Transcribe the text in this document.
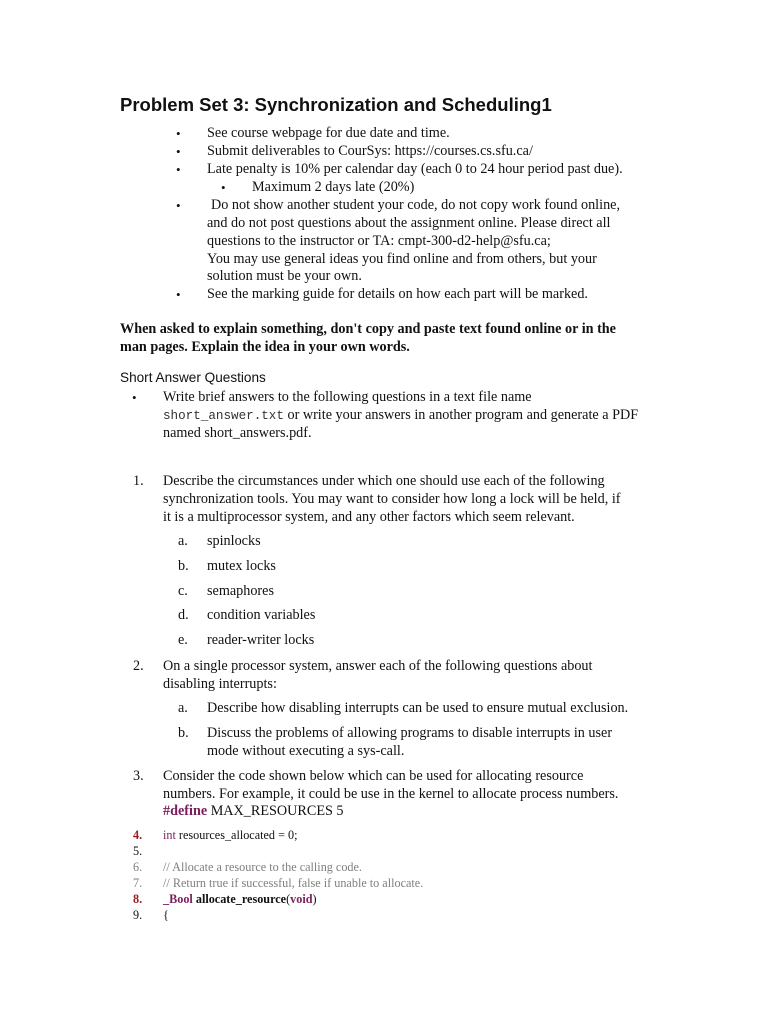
Problem Set 3: Synchronization and Scheduling1
• See course webpage for due date and time.
• Submit deliverables to CourSys: https://courses.cs.sfu.ca/
• Late penalty is 10% per calendar day (each 0 to 24 hour period past due).
• Maximum 2 days late (20%)
• Do not show another student your code, do not copy work found online,
and do not post questions about the assignment online. Please direct all
questions to the instructor or TA: cmpt-300-d2-help@sfu.ca;
You may use general ideas you find online and from others, but your
solution must be your own.
• See the marking guide for details on how each part will be marked.
When asked to explain something, don't copy and paste text found online or in the
man pages. Explain the idea in your own words.
Short Answer Questions
• Write brief answers to the following questions in a text file name
short_answer.txt or write your answers in another program and generate a PDF
named short_answers.pdf.
1. Describe the circumstances under which one should use each of the following
synchronization tools. You may want to consider how long a lock will be held, if
it is a multiprocessor system, and any other factors which seem relevant.
a. spinlocks
b. mutex locks
c. semaphores
d. condition variables
e. reader-writer locks
2. On a single processor system, answer each of the following questions about
disabling interrupts:
a. Describe how disabling interrupts can be used to ensure mutual exclusion.
b. Discuss the problems of allowing programs to disable interrupts in user
mode without executing a sys-call.
3. Consider the code shown below which can be used for allocating resource
numbers. For example, it could be use in the kernel to allocate process numbers.
#define MAX_RESOURCES 5
4. int resources_allocated = 0;
5.
6. // Allocate a resource to the calling code.
7. // Return true if successful, false if unable to allocate.
8. _Bool allocate_resource(void)
9. {
